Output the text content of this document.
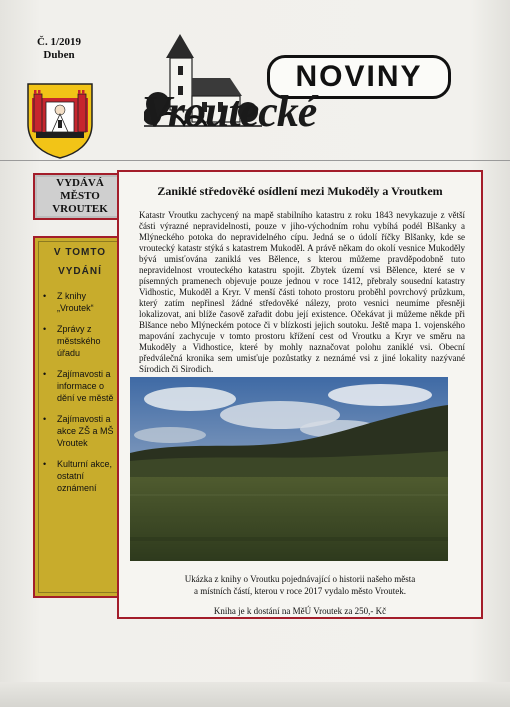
Č. 1/2019
Duben
NOVINY
Vroutecké
VYDÁVÁ MĚSTO VROUTEK
V TOMTO
VYDÁNÍ
• Z knihy „Vroutek“
• Zprávy z městského úřadu
• Zajímavosti a informace o dění ve městě
• Zajímavosti a akce ZŠ a MŠ Vroutek
• Kulturní akce, ostatní oznámení
Zaniklé středověké osídlení mezi Mukoděly a Vroutkem
Katastr Vroutku zachycený na mapě stabilního katastru z roku 1843 nevykazuje z větší části výrazné nepravidelnosti, pouze v jiho-východním rohu vybíhá podél Blšanky a Mlýneckého potoka do nepravidelného cípu. Jedná se o údolí říčky Blšanky, kde se vroutecký katastr stýká s katastrem Mukoděl. A právě někam do okolí vesnice Mukoděly bývá umisťována zaniklá ves Bělence, s kterou můžeme pravděpodobně tuto nepravidelnost vrouteckého katastru spojit. Zbytek území vsi Bělence, které se v písemných pramenech objevuje pouze jednou v roce 1412, přebraly sousední katastry Vidhostic, Mukoděl a Kryr. V menší části tohoto prostoru proběhl povrchový průzkum, který zatím nepřinesl žádné středověké nálezy, proto vesnici neumíme přesněji lokalizovat, ani blíže časově zařadit dobu její existence. Očekávat ji můžeme někde při Blšance nebo Mlýneckém potoce či v blízkosti jejich soutoku. Ještě mapa 1. vojenského mapování zachycuje v tomto prostoru křížení cest od Vroutku a Kryr ve směru na Mukoděly a Vidhostice, které by mohly naznačovat polohu zaniklé vsi. Obecní předválečná kronika sem umisťuje pozůstatky z neznámé vsi z jiné lokality nazývané Sírodich či Sirodich.
Ukázka z knihy o Vroutku pojednávající o historii našeho města
a místních částí, kterou v roce 2017 vydalo město Vroutek.
Kniha je k dostání na MěÚ Vroutek za 250,- Kč
